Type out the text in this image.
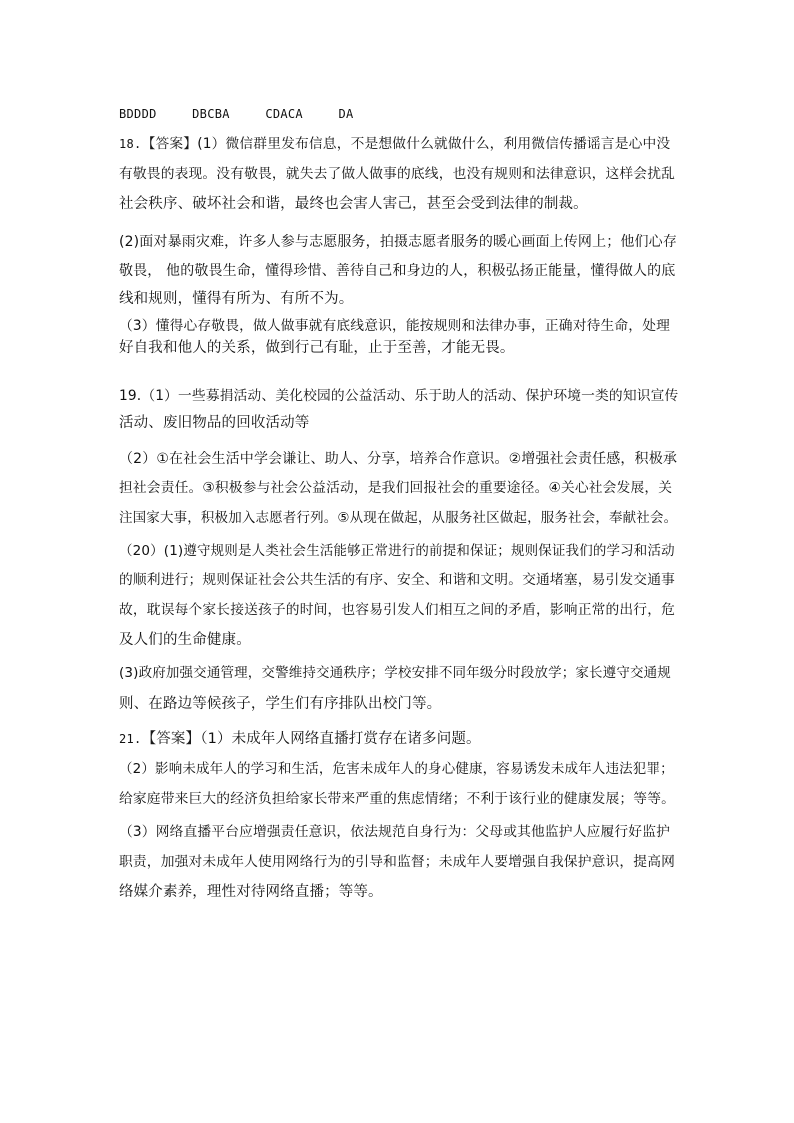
BDDDD	DBCBA	CDACA	DA
18.【答案】(1）微信群里发布信息，不是想做什么就做什么，利用微信传播谣言是心中没
有敬畏的表现。没有敬畏，就失去了做人做事的底线，也没有规则和法律意识，这样会扰乱
社会秩序、破坏社会和谐，最终也会害人害己，甚至会受到法律的制裁。
(2)面对暴雨灾难，许多人参与志愿服务，拍摄志愿者服务的暖心画面上传网上；他们心存
敬畏， 他的敬畏生命，懂得珍惜、善待自己和身边的人，积极弘扬正能量，懂得做人的底
线和规则，懂得有所为、有所不为。
（3）懂得心存敬畏，做人做事就有底线意识，能按规则和法律办事，正确对待生命，处理
好自我和他人的关系，做到行己有耻，止于至善，才能无畏。
19.（1）一些募捐活动、美化校园的公益活动、乐于助人的活动、保护环境一类的知识宣传
活动、废旧物品的回收活动等
（2）①在社会生活中学会谦让、助人、分享，培养合作意识。②增强社会责任感，积极承
担社会责任。③积极参与社会公益活动，是我们回报社会的重要途径。④关心社会发展，关
注国家大事，积极加入志愿者行列。⑤从现在做起，从服务社区做起，服务社会，奉献社会。
（20）(1)遵守规则是人类社会生活能够正常进行的前提和保证；规则保证我们的学习和活动
的顺利进行；规则保证社会公共生活的有序、安全、和谐和文明。交通堵塞，易引发交通事
故，耽误每个家长接送孩子的时间，也容易引发人们相互之间的矛盾，影响正常的出行，危
及人们的生命健康。
(3)政府加强交通管理，交警维持交通秩序；学校安排不同年级分时段放学；家长遵守交通规
则、在路边等候孩子，学生们有序排队出校门等。
21.【答案】（1）未成年人网络直播打赏存在诸多问题。
（2）影响未成年人的学习和生活，危害未成年人的身心健康，容易诱发未成年人违法犯罪；
给家庭带来巨大的经济负担给家长带来严重的焦虑情绪；不利于该行业的健康发展；等等。
（3）网络直播平台应增强责任意识，依法规范自身行为：父母或其他监护人应履行好监护
职责，加强对未成年人使用网络行为的引导和监督；未成年人要增强自我保护意识，提高网
络媒介素养，理性对待网络直播；等等。
